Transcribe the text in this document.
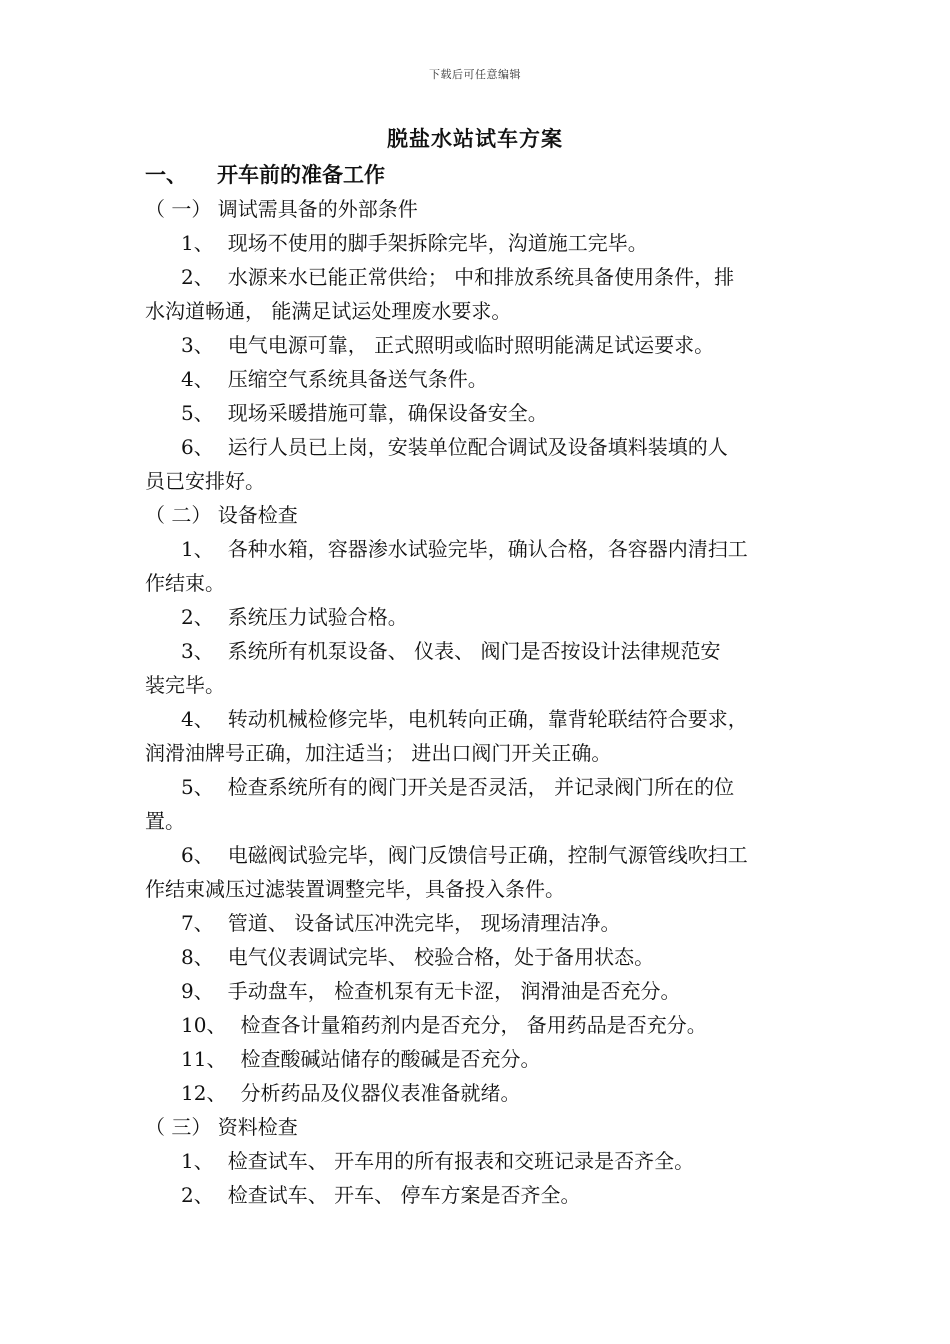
下载后可任意编辑
脱盐水站试车方案

一、 开车前的准备工作

（ 一） 调试需具备的外部条件

1、 现场不使用的脚手架拆除完毕，沟道施工完毕。

2、 水源来水已能正常供给； 中和排放系统具备使用条件，排

水沟道畅通， 能满足试运处理废水要求。

3、 电气电源可靠， 正式照明或临时照明能满足试运要求。

4、 压缩空气系统具备送气条件。

5、 现场采暖措施可靠，确保设备安全。

6、 运行人员已上岗，安装单位配合调试及设备填料装填的人

员已安排好。

（ 二） 设备检查

1、 各种水箱，容器渗水试验完毕，确认合格，各容器内清扫工

作结束。

2、 系统压力试验合格。

3、 系统所有机泵设备、 仪表、 阀门是否按设计法律规范安

装完毕。

4、 转动机械检修完毕，电机转向正确，靠背轮联结符合要求，

润滑油牌号正确，加注适当； 进出口阀门开关正确。

5、 检查系统所有的阀门开关是否灵活， 并记录阀门所在的位

置。

6、 电磁阀试验完毕，阀门反馈信号正确，控制气源管线吹扫工

作结束减压过滤装置调整完毕，具备投入条件。

7、 管道、 设备试压冲洗完毕， 现场清理洁净。

8、 电气仪表调试完毕、 校验合格，处于备用状态。

9、 手动盘车， 检查机泵有无卡涩， 润滑油是否充分。

10、 检查各计量箱药剂内是否充分， 备用药品是否充分。

11、 检查酸碱站储存的酸碱是否充分。

12、 分析药品及仪器仪表准备就绪。

（ 三） 资料检查

1、 检查试车、 开车用的所有报表和交班记录是否齐全。

2、 检查试车、 开车、 停车方案是否齐全。
